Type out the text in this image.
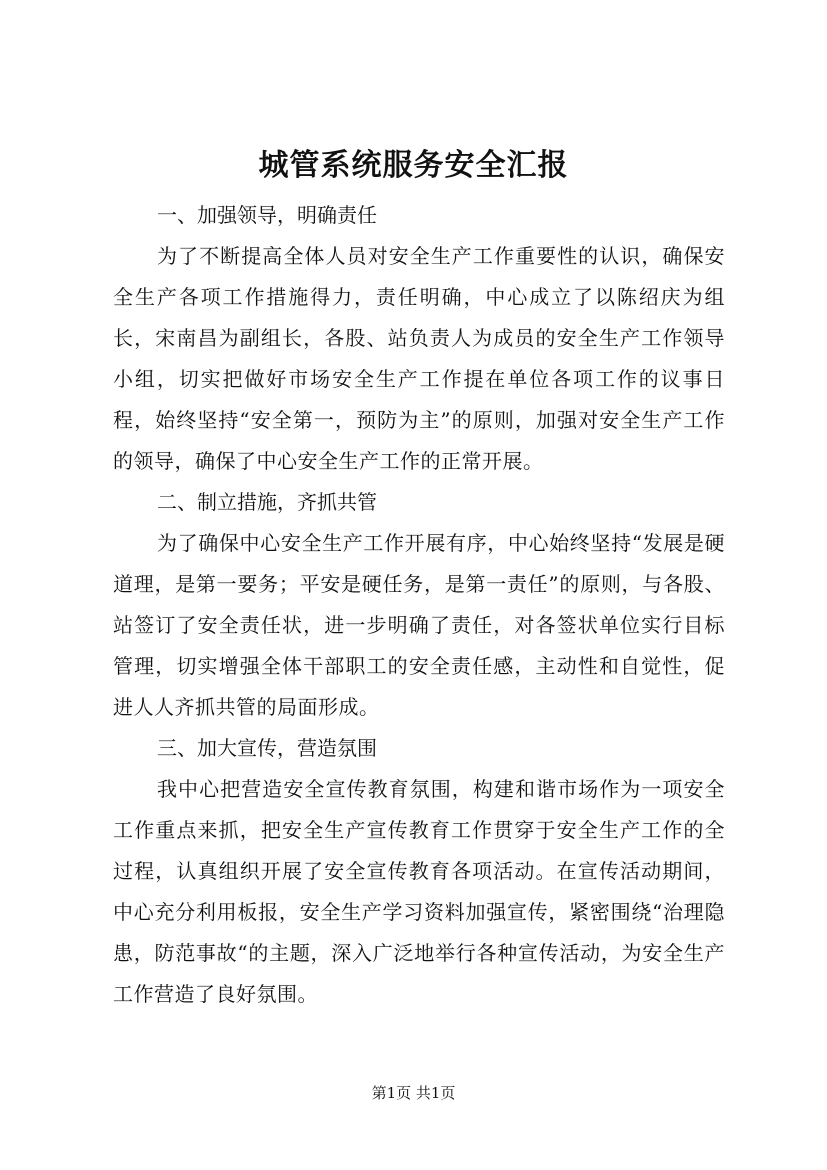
城管系统服务安全汇报

一、加强领导，明确责任

为了不断提高全体人员对安全生产工作重要性的认识，确保安全生产各项工作措施得力，责任明确，中心成立了以陈绍庆为组长，宋南昌为副组长，各股、站负责人为成员的安全生产工作领导小组，切实把做好市场安全生产工作提在单位各项工作的议事日程，始终坚持“安全第一，预防为主”的原则，加强对安全生产工作的领导，确保了中心安全生产工作的正常开展。

二、制立措施，齐抓共管

为了确保中心安全生产工作开展有序，中心始终坚持“发展是硬道理，是第一要务；平安是硬任务，是第一责任”的原则，与各股、站签订了安全责任状，进一步明确了责任，对各签状单位实行目标管理，切实增强全体干部职工的安全责任感，主动性和自觉性，促进人人齐抓共管的局面形成。

三、加大宣传，营造氛围

我中心把营造安全宣传教育氛围，构建和谐市场作为一项安全工作重点来抓，把安全生产宣传教育工作贯穿于安全生产工作的全过程，认真组织开展了安全宣传教育各项活动。在宣传活动期间，中心充分利用板报，安全生产学习资料加强宣传，紧密围绕“治理隐患，防范事故“的主题，深入广泛地举行各种宣传活动，为安全生产工作营造了良好氛围。

第1页 共1页
